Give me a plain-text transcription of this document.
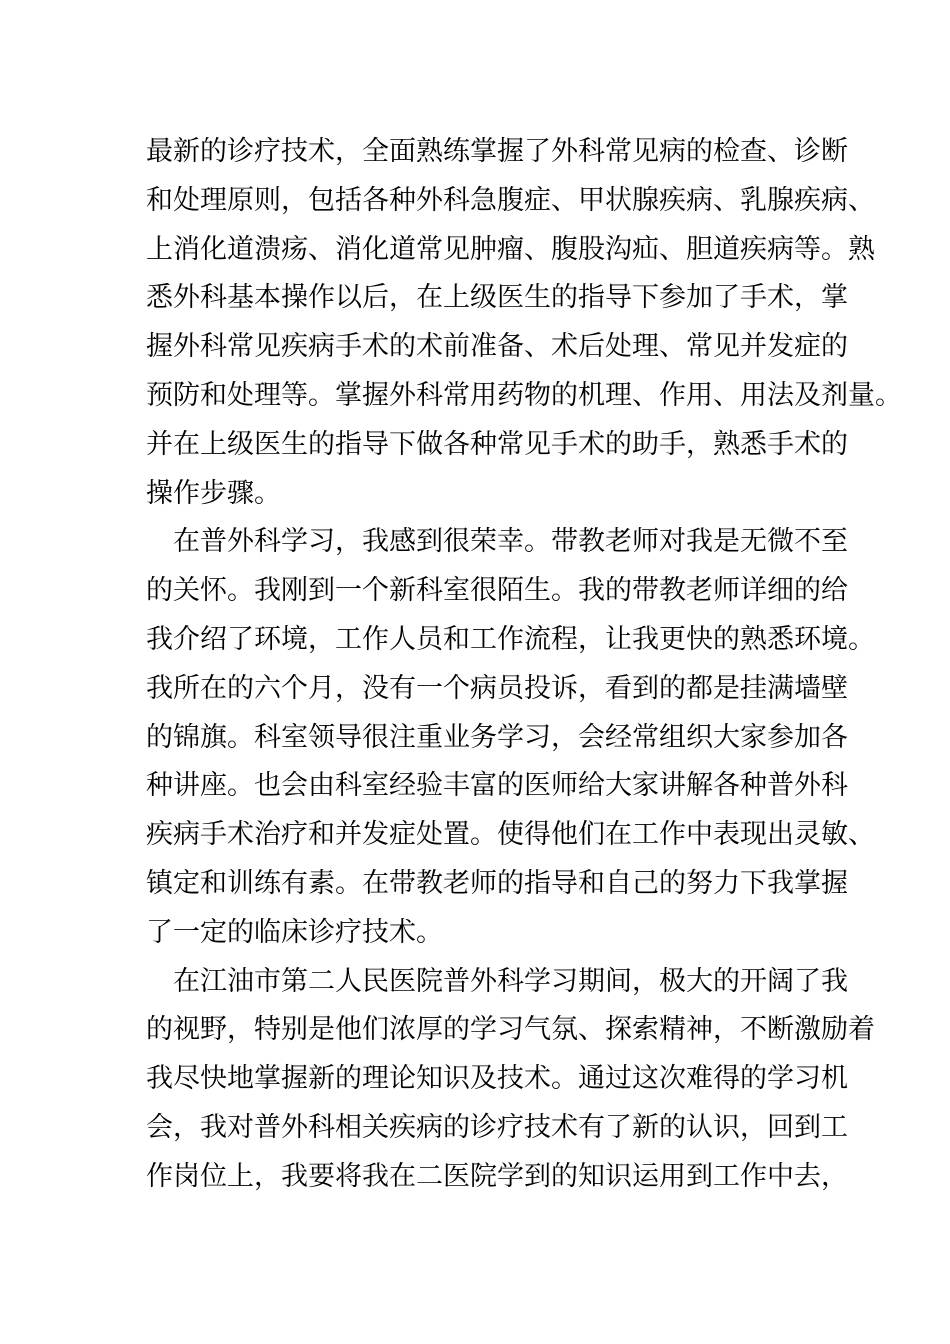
最新的诊疗技术，全面熟练掌握了外科常见病的检查、诊断
和处理原则，包括各种外科急腹症、甲状腺疾病、乳腺疾病、
上消化道溃疡、消化道常见肿瘤、腹股沟疝、胆道疾病等。熟
悉外科基本操作以后，在上级医生的指导下参加了手术，掌
握外科常见疾病手术的术前准备、术后处理、常见并发症的
预防和处理等。掌握外科常用药物的机理、作用、用法及剂量。
并在上级医生的指导下做各种常见手术的助手，熟悉手术的
操作步骤。
　在普外科学习，我感到很荣幸。带教老师对我是无微不至
的关怀。我刚到一个新科室很陌生。我的带教老师详细的给
我介绍了环境，工作人员和工作流程，让我更快的熟悉环境。
我所在的六个月，没有一个病员投诉，看到的都是挂满墙壁
的锦旗。科室领导很注重业务学习，会经常组织大家参加各
种讲座。也会由科室经验丰富的医师给大家讲解各种普外科
疾病手术治疗和并发症处置。使得他们在工作中表现出灵敏、
镇定和训练有素。在带教老师的指导和自己的努力下我掌握
了一定的临床诊疗技术。
　在江油市第二人民医院普外科学习期间，极大的开阔了我
的视野，特别是他们浓厚的学习气氛、探索精神，不断激励着
我尽快地掌握新的理论知识及技术。通过这次难得的学习机
会，我对普外科相关疾病的诊疗技术有了新的认识，回到工
作岗位上，我要将我在二医院学到的知识运用到工作中去，
